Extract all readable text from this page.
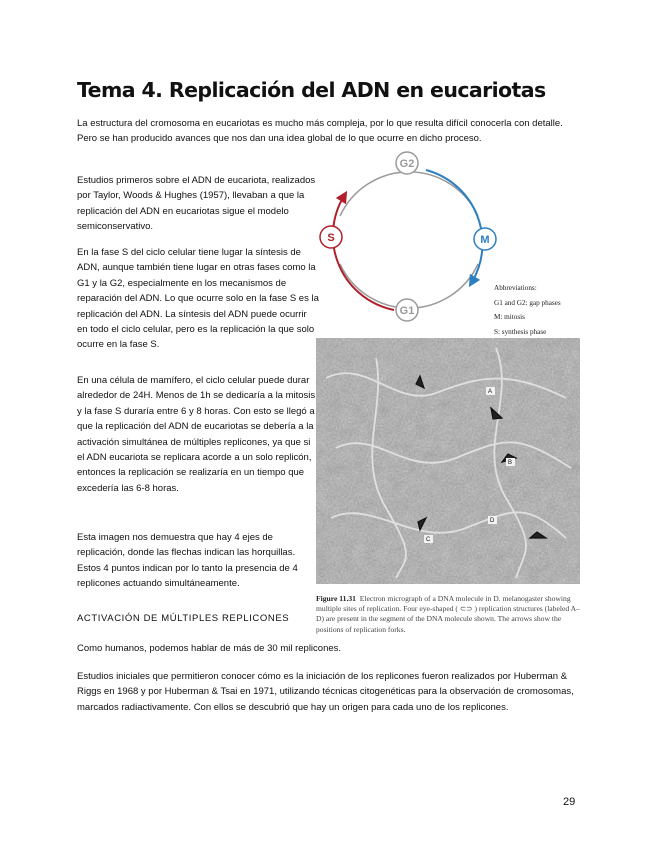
Tema 4. Replicación del ADN en eucariotas

La estructura del cromosoma en eucariotas es mucho más compleja, por lo que resulta difícil conocerla con detalle. Pero se han producido avances que nos dan una idea global de lo que ocurre en dicho proceso.

Estudios primeros sobre el ADN de eucariota, realizados por Taylor, Woods & Hughes (1957), llevaban a que la replicación del ADN en eucariotas sigue el modelo semiconservativo.

En la fase S del ciclo celular tiene lugar la síntesis de ADN, aunque también tiene lugar en otras fases como la G1 y la G2, especialmente en los mecanismos de reparación del ADN. Lo que ocurre solo en la fase S es la replicación del ADN. La síntesis del ADN puede ocurrir en todo el ciclo celular, pero es la replicación la que solo ocurre en la fase S.

En una célula de mamífero, el ciclo celular puede durar alrededor de 24H. Menos de 1h se dedicaría a la mitosis y la fase S duraría entre 6 y 8 horas. Con esto se llegó a que la replicación del ADN de eucariotas se debería a la activación simultánea de múltiples replicones, ya que si el ADN eucariota se replicara acorde a un solo replicón, entonces la replicación se realizaría en un tiempo que excedería las 6-8 horas.

Esta imagen nos demuestra que hay 4 ejes de replicación, donde las flechas indican las horquillas. Estos 4 puntos indican por lo tanto la presencia de 4 replicones actuando simultáneamente.

ACTIVACIÓN DE MÚLTIPLES REPLICONES

Como humanos, podemos hablar de más de 30 mil replicones.

Estudios iniciales que permitieron conocer cómo es la iniciación de los replicones fueron realizados por Huberman & Riggs en 1968 y por Huberman & Tsai en 1971, utilizando técnicas citogenéticas para la observación de cromosomas, marcados radiactivamente. Con ellos se descubrió que hay un origen para cada uno de los replicones.

G2
M
G1
S
Abbreviations:
G1 and G2: gap phases
M: mitosis
S: synthesis phase
A
B
C
D

Figure 11.31 Electron micrograph of a DNA molecule in D. melanogaster showing multiple sites of replication. Four eye-shaped ( ⊂⊃ ) replication structures (labeled A–D) are present in the segment of the DNA molecule shown. The arrows show the positions of replication forks.

29
